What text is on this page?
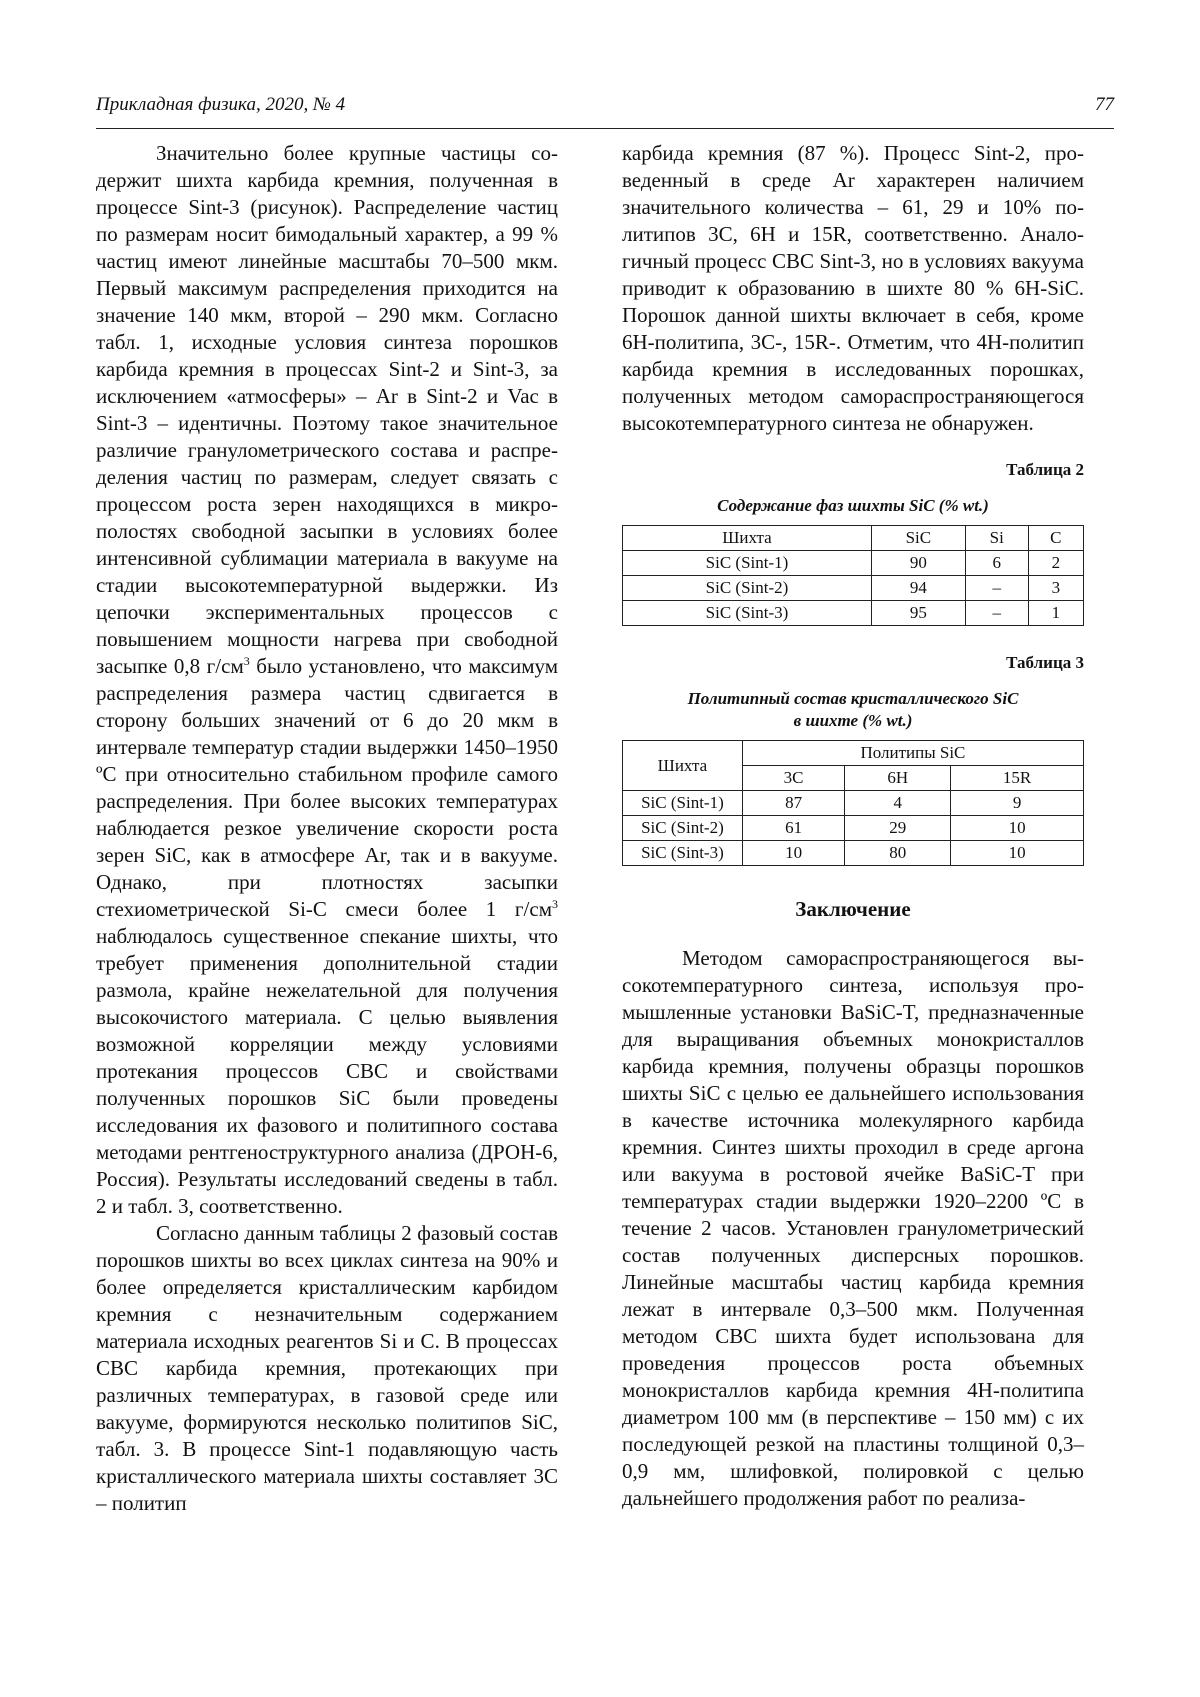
Прикладная физика, 2020, № 4	77

Значительно более крупные частицы содержит шихта карбида кремния, полученная в процессе Sint-3 (рисунок). Распределение частиц по размерам носит бимодальный характер, а 99 % частиц имеют линейные масштабы 70–500 мкм. Первый максимум распределения приходится на значение 140 мкм, второй – 290 мкм. Согласно табл. 1, исходные условия синтеза порошков карбида кремния в процессах Sint-2 и Sint-3, за исключением «атмосферы» – Ar в Sint-2 и Vac в Sint-3 – идентичны. Поэтому такое значительное различие гранулометрического состава и распределения частиц по размерам, следует связать с процессом роста зерен находящихся в микрополостях свободной засыпки в условиях более интенсивной сублимации материала в вакууме на стадии высокотемпературной выдержки. Из цепочки экспериментальных процессов с повышением мощности нагрева при свободной засыпке 0,8 $г/см^3$ было установлено, что максимум распределения размера частиц сдвигается в сторону больших значений от 6 до 20 мкм в интервале температур стадии выдержки 1450–1950 ºС при относительно стабильном профиле самого распределения. При более высоких температурах наблюдается резкое увеличение скорости роста зерен SiC, как в атмосфере Ar, так и в вакууме. Однако, при плотностях засыпки стехиометрической Si-C смеси более 1 $г/см^3$ наблюдалось существенное спекание шихты, что требует применения дополнительной стадии размола, крайне нежелательной для получения высокочистого материала. С целью выявления возможной корреляции между условиями протекания процессов СВС и свойствами полученных порошков SiC были проведены исследования их фазового и политипного состава методами рентгеноструктурного анализа (ДРОН-6, Россия). Результаты исследований сведены в табл. 2 и табл. 3, соответственно.

Согласно данным таблицы 2 фазовый состав порошков шихты во всех циклах синтеза на 90% и более определяется кристаллическим карбидом кремния с незначительным содержанием материала исходных реагентов Si и С. В процессах СВС карбида кремния, протекающих при различных температурах, в газовой среде или вакууме, формируются несколько политипов SiC, табл. 3. В процессе Sint-1 подавляющую часть кристаллического материала шихты составляет 3С – политип

карбида кремния (87 %). Процесс Sint-2, проведенный в среде Ar характерен наличием значительного количества – 61, 29 и 10% политипов 3C, 6H и 15R, соответственно. Аналогичный процесс СВС Sint-3, но в условиях вакуума приводит к образованию в шихте 80 % 6H-SiC. Порошок данной шихты включает в себя, кроме 6H-политипа, 3С-, 15R-. Отметим, что 4H-политип карбида кремния в исследованных порошках, полученных методом самораспространяющегося высокотемпературного синтеза не обнаружен.

Таблица 2
Содержание фаз шихты SiC (% wt.)
Шихта	SiC	Si	C
SiC (Sint-1)	90	6	2
SiC (Sint-2)	94	–	3
SiC (Sint-3)	95	–	1
Таблица 3
Политипный состав кристаллического SiC
в шихте (% wt.)
Шихта	Политипы SiC		
	3C	6H	15R
SiC (Sint-1)	87	4	9
SiC (Sint-2)	61	29	10
SiC (Sint-3)	10	80	10
Заключение

Методом самораспространяющегося высокотемпературного синтеза, используя промышленные установки BaSiC-T, предназначенные для выращивания объемных монокристаллов карбида кремния, получены образцы порошков шихты SiC с целью ее дальнейшего использования в качестве источника молекулярного карбида кремния. Синтез шихты проходил в среде аргона или вакуума в ростовой ячейке BaSiC-T при температурах стадии выдержки 1920–2200 ºС в течение 2 часов. Установлен гранулометрический состав полученных дисперсных порошков. Линейные масштабы частиц карбида кремния лежат в интервале 0,3–500 мкм. Полученная методом СВС шихта будет использована для проведения процессов роста объемных монокристаллов карбида кремния 4H-политипа диаметром 100 мм (в перспективе – 150 мм) с их последующей резкой на пластины толщиной 0,3–0,9 мм, шлифовкой, полировкой с целью дальнейшего продолжения работ по реализа-
